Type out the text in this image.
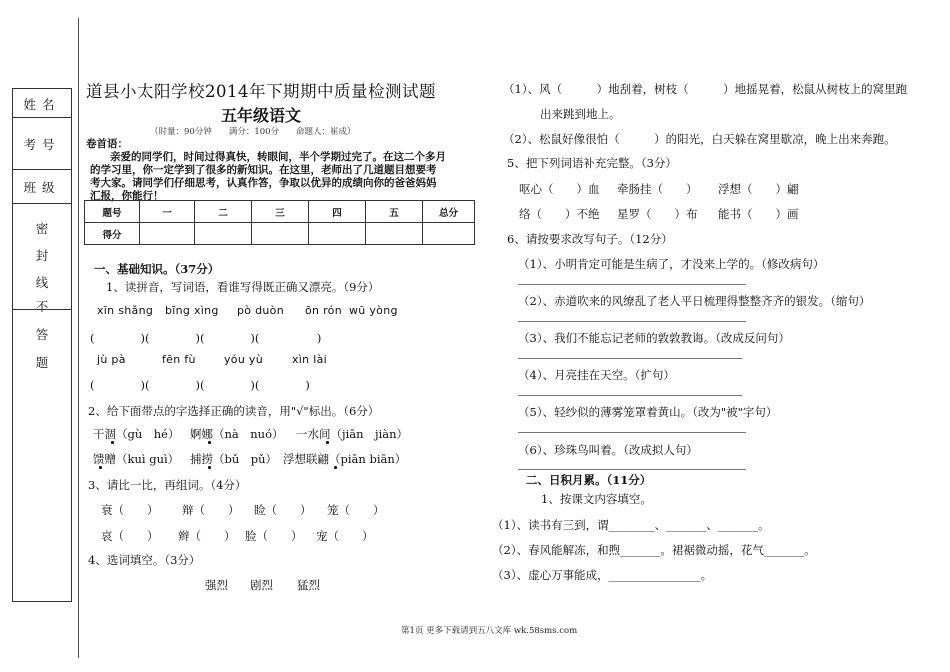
姓名
考号
班级
密
封
线
不
答
题
道县小太阳学校2014年下期期中质量检测试题
五年级语文
（时量：90分钟　　满分：100分　　命题人：崔成）
卷首语：
亲爱的同学们，时间过得真快，转眼间，半个学期过完了。在这二个多月
的学习里，你一定学到了很多的新知识。在这里，老师出了几道题目想要考
考大家。请同学们仔细思考，认真作答，争取以优异的成绩向你的爸爸妈妈
汇报，你能行！
题号	一	二	三	四	五	总分
得分						
一、基础知识。（37分）
1、读拼音，写词语，看谁写得既正确又漂亮。（9分）
xīn shǎng bīng xìng pò duòn ōn rón wū yòng
(　　　　)(　　　　)(　　　　)(　　　　　)
jù pà	fēn fù	yóu yù	xìn lài
(　　　　)(　　　　)(　　　　)(　　　　)
2、给下面带点的字选择正确的读音，用"√"标出。（6分）
干涸（gù　hé） 婀娜（nà　nuó） 一水间（jiān　jiàn）
馈赠（kuì guì） 捕捞（bǔ　pǔ） 浮想联翩（piān biān）
3、请比一比，再组词。（4分）
衰（　　） 辩（　　） 睑（　　） 笼（　　）
哀（　　） 辫（　　） 脸（　　） 宠（　　）
4、选词填空。（3分）
强烈 剧烈 猛烈
（1）、风（　　　）地刮着，树枝（　　　）地摇晃着，松鼠从树枝上的窝里跑
出来跳到地上。
（2）、松鼠好像很怕（　　　）的阳光，白天躲在窝里歇凉，晚上出来奔跑。
5、把下列词语补充完整。（3分）
呕心（　　）血 牵肠挂（　　） 浮想（　　）翩
络（　　）不绝 星罗（　　）布 能书（　　）画
6、请按要求改写句子。（12分）
（1）、小明肯定可能是生病了，才没来上学的。（修改病句）
（2）、赤道吹来的风缭乱了老人平日梳理得整整齐齐的银发。（缩句）
（3）、我们不能忘记老师的敦敦教诲。（改成反问句）
（4）、月亮挂在天空。（扩句）
（5）、轻纱似的薄雾笼罩着黄山。（改为"被"字句）
（6）、珍珠鸟叫着。（改成拟人句）
二、日积月累。（11分）
1、按课文内容填空。
（1）、读书有三到，谓________、_______、_______。
（2）、春风能解冻，和煦_______。裙裾微动摇，花气_______。
（3）、虚心万事能成，________________。
第1页 更多下载请到五八文库 wk.58sms.com
